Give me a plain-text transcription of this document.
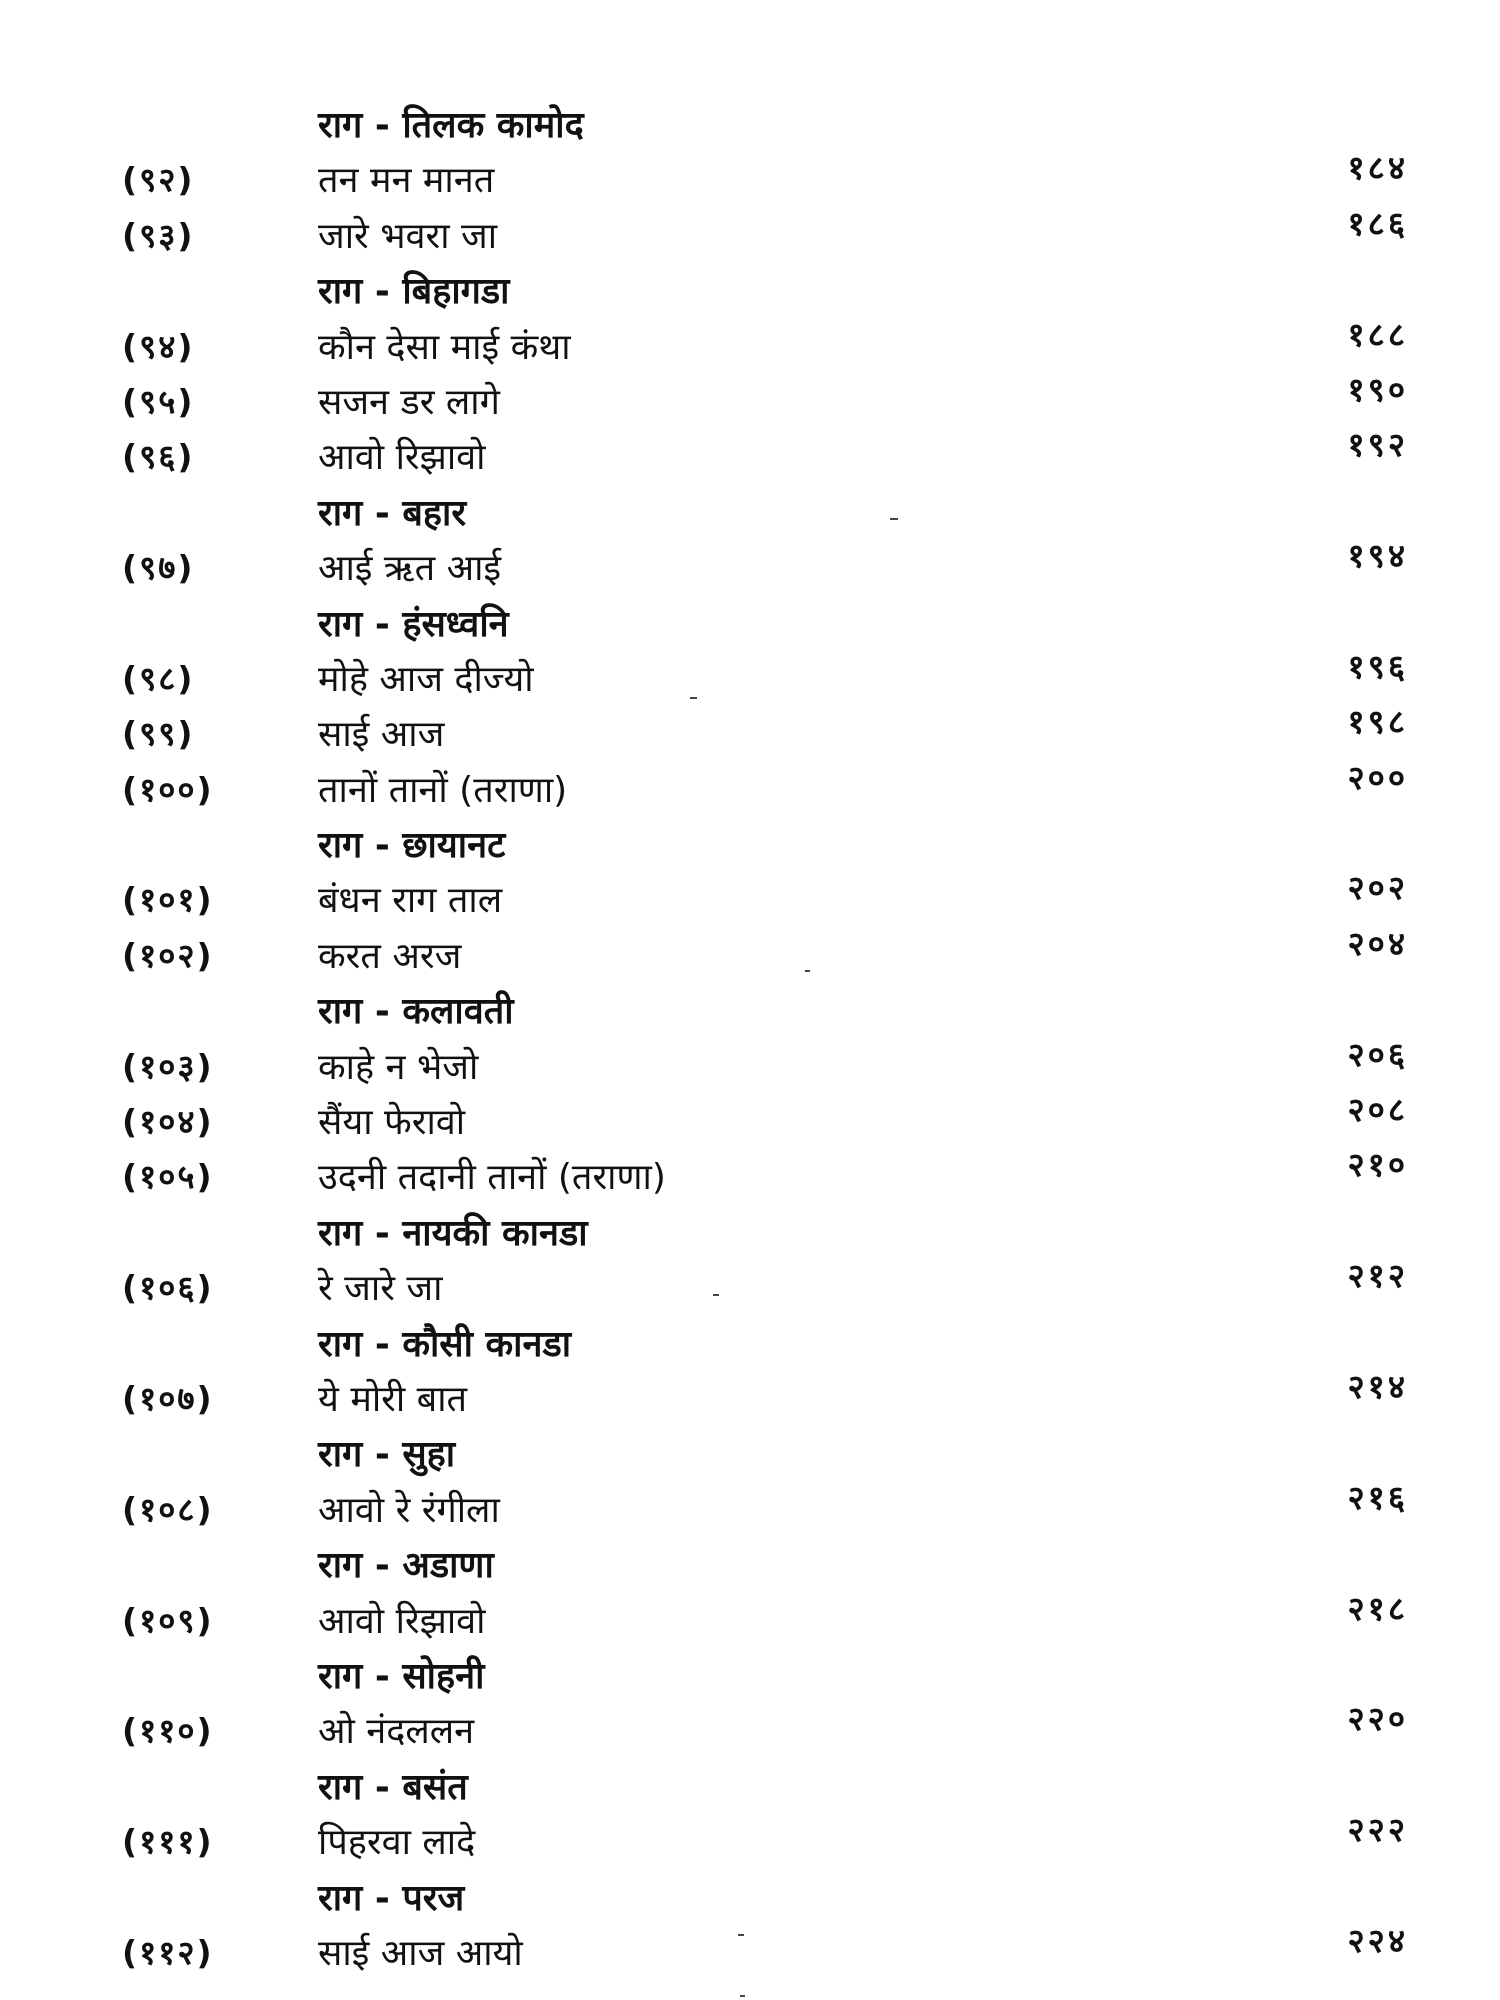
राग - तिलक कामोद
(९२)	तन मन मानत	१८४
(९३)	जारे भवरा जा	१८६
राग - बिहागडा
(९४)	कौन देसा माई कंथा	१८८
(९५)	सजन डर लागे	१९०
(९६)	आवो रिझावो	१९२
राग - बहार
(९७)	आई ऋत आई	१९४
राग - हंसध्वनि
(९८)	मोहे आज दीज्यो	१९६
(९९)	साई आज	१९८
(१००)	तानों तानों (तराणा)	२००
राग - छायानट
(१०१)	बंधन राग ताल	२०२
(१०२)	करत अरज	२०४
राग - कलावती
(१०३)	काहे न भेजो	२०६
(१०४)	सैंया फेरावो	२०८
(१०५)	उदनी तदानी तानों (तराणा)	२१०
राग - नायकी कानडा
(१०६)	रे जारे जा	२१२
राग - कौसी कानडा
(१०७)	ये मोरी बात	२१४
राग - सुहा
(१०८)	आवो रे रंगीला	२१६
राग - अडाणा
(१०९)	आवो रिझावो	२१८
राग - सोहनी
(११०)	ओ नंदललन	२२०
राग - बसंत
(१११)	पिहरवा लादे	२२२
राग - परज
(११२)	साई आज आयो	२२४
